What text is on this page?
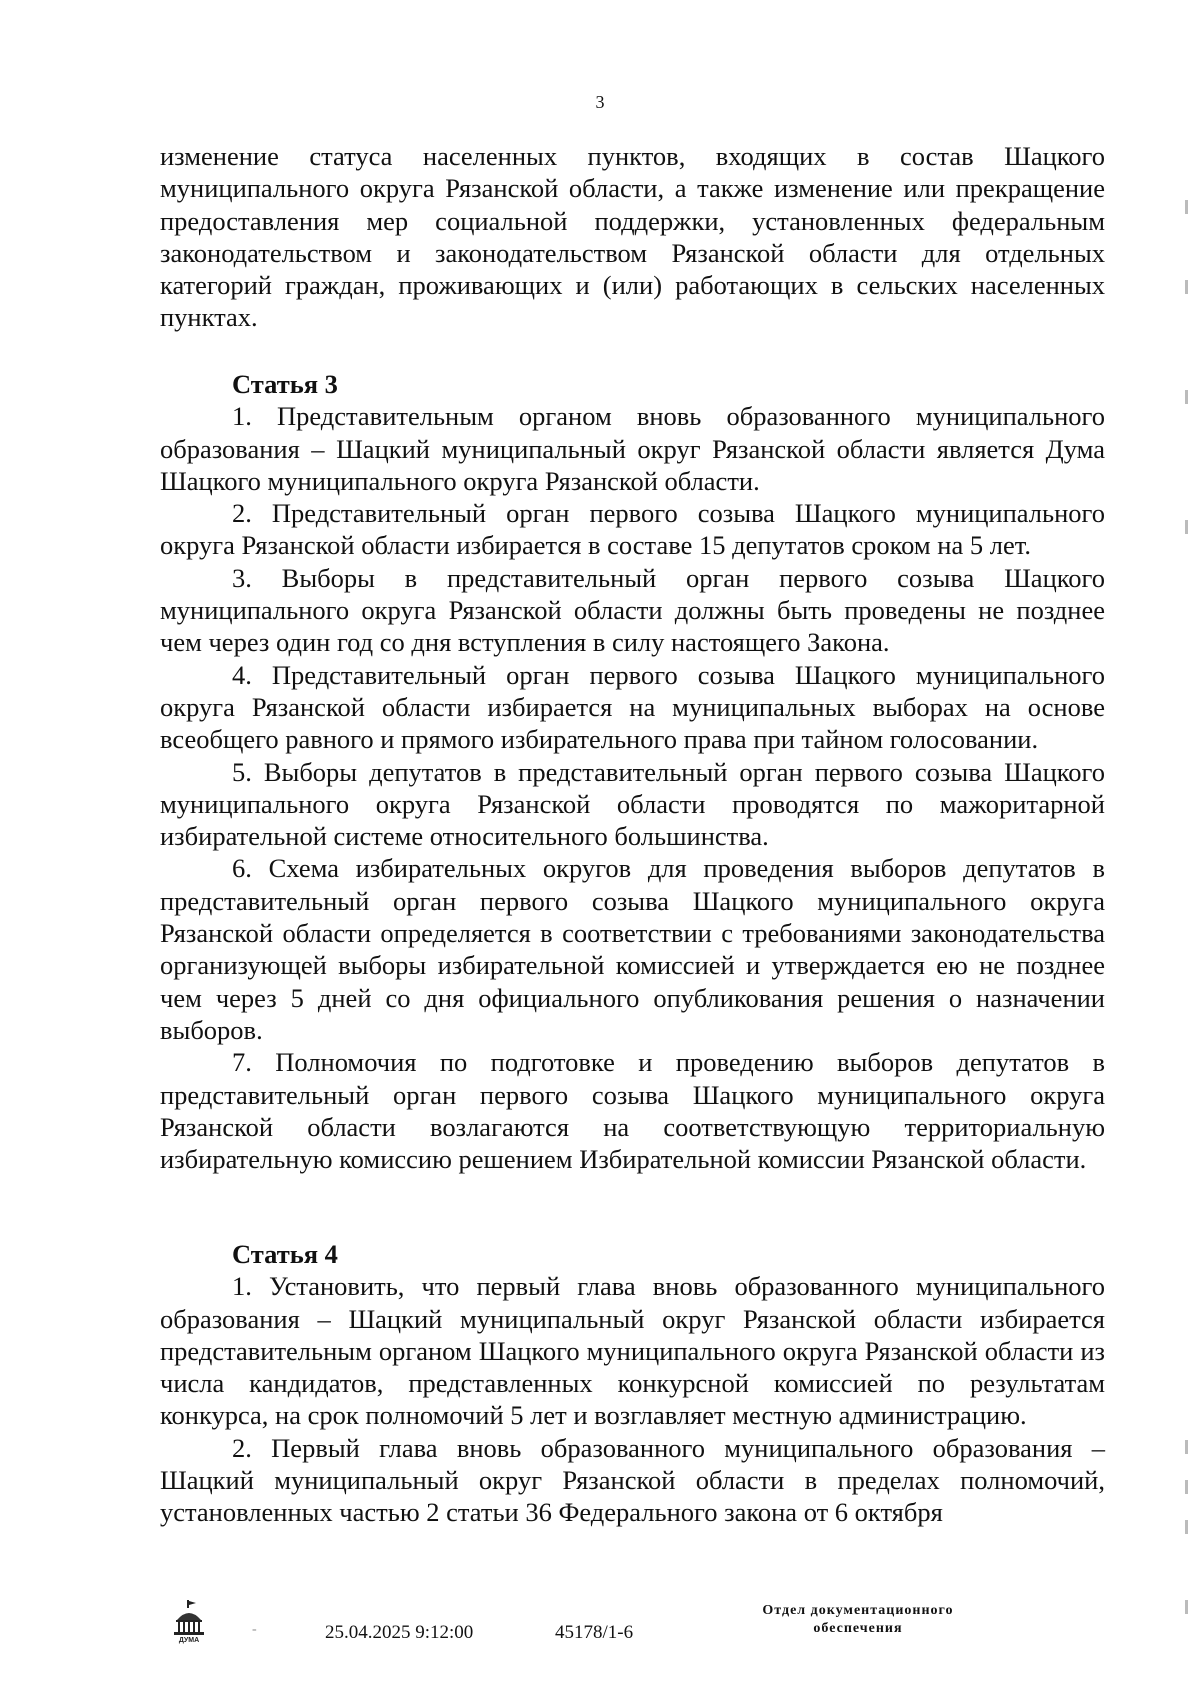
3

изменение статуса населенных пунктов, входящих в состав Шацкого муниципального округа Рязанской области, а также изменение или прекращение предоставления мер социальной поддержки, установленных федеральным законодательством и законодательством Рязанской области для отдельных категорий граждан, проживающих и (или) работающих в сельских населенных пунктах.

Статья 3

1. Представительным органом вновь образованного муниципального образования – Шацкий муниципальный округ Рязанской области является Дума Шацкого муниципального округа Рязанской области.

2. Представительный орган первого созыва Шацкого муниципального округа Рязанской области избирается в составе 15 депутатов сроком на 5 лет.

3. Выборы в представительный орган первого созыва Шацкого муниципального округа Рязанской области должны быть проведены не позднее чем через один год со дня вступления в силу настоящего Закона.

4. Представительный орган первого созыва Шацкого муниципального округа Рязанской области избирается на муниципальных выборах на основе всеобщего равного и прямого избирательного права при тайном голосовании.

5. Выборы депутатов в представительный орган первого созыва Шацкого муниципального округа Рязанской области проводятся по мажоритарной избирательной системе относительного большинства.

6. Схема избирательных округов для проведения выборов депутатов в представительный орган первого созыва Шацкого муниципального округа Рязанской области определяется в соответствии с требованиями законодательства организующей выборы избирательной комиссией и утверждается ею не позднее чем через 5 дней со дня официального опубликования решения о назначении выборов.

7. Полномочия по подготовке и проведению выборов депутатов в представительный орган первого созыва Шацкого муниципального округа Рязанской области возлагаются на соответствующую территориальную избирательную комиссию решением Избирательной комиссии Рязанской области.

Статья 4

1. Установить, что первый глава вновь образованного муниципального образования – Шацкий муниципальный округ Рязанской области избирается представительным органом Шацкого муниципального округа Рязанской области из числа кандидатов, представленных конкурсной комиссией по результатам конкурса, на срок полномочий 5 лет и возглавляет местную администрацию.

2. Первый глава вновь образованного муниципального образования – Шацкий муниципальный округ Рязанской области в пределах полномочий, установленных частью 2 статьи 36 Федерального закона от 6 октября

ДУМА
-	25.04.2025 9:12:00	45178/1-6
Отдел документационного
обеспечения
